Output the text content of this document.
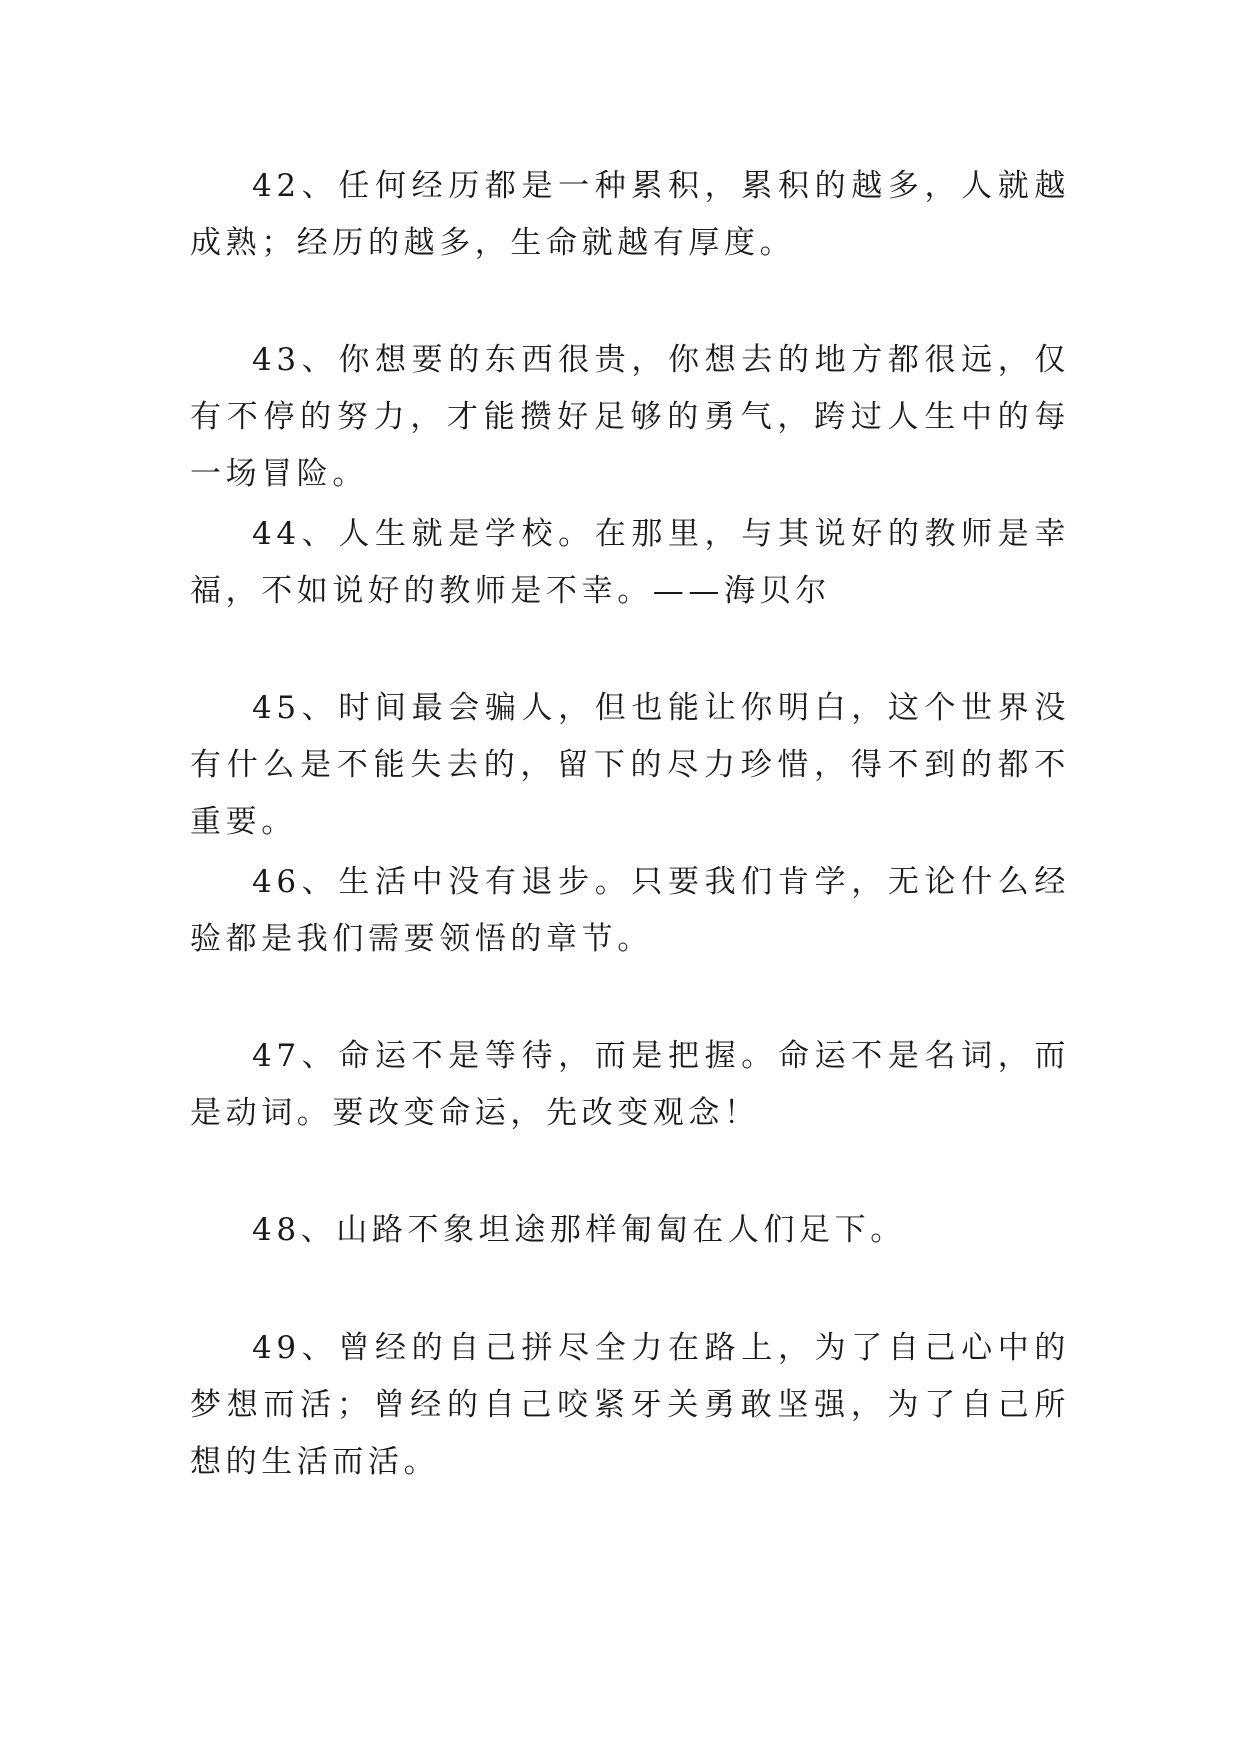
42、任何经历都是一种累积，累积的越多，人就越成熟；经历的越多，生命就越有厚度。

43、你想要的东西很贵，你想去的地方都很远，仅有不停的努力，才能攒好足够的勇气，跨过人生中的每一场冒险。

44、人生就是学校。在那里，与其说好的教师是幸福，不如说好的教师是不幸。——海贝尔

45、时间最会骗人，但也能让你明白，这个世界没有什么是不能失去的，留下的尽力珍惜，得不到的都不重要。

46、生活中没有退步。只要我们肯学，无论什么经验都是我们需要领悟的章节。

47、命运不是等待，而是把握。命运不是名词，而是动词。要改变命运，先改变观念！

48、山路不象坦途那样匍匐在人们足下。

49、曾经的自己拼尽全力在路上，为了自己心中的梦想而活；曾经的自己咬紧牙关勇敢坚强，为了自己所想的生活而活。
